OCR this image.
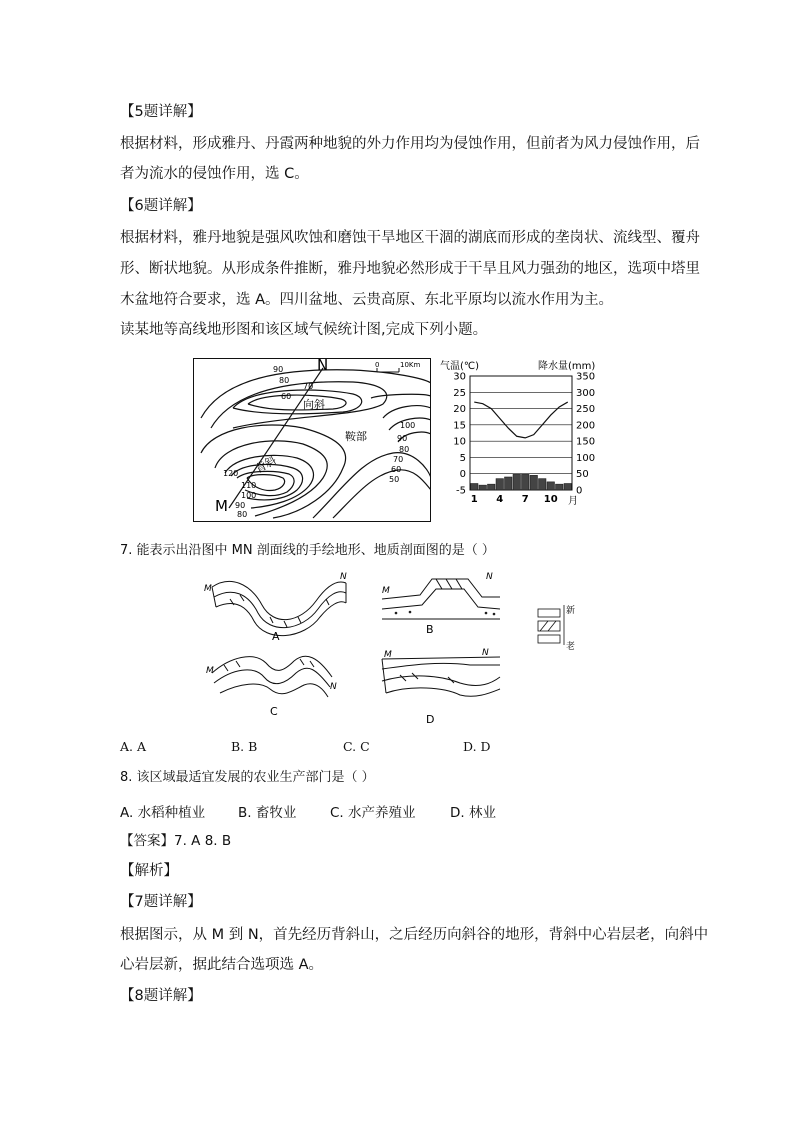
【5题详解】
根据材料，形成雅丹、丹霞两种地貌的外力作用均为侵蚀作用，但前者为风力侵蚀作用，后
者为流水的侵蚀作用，选 C。
【6题详解】
根据材料，雅丹地貌是强风吹蚀和磨蚀干旱地区干涸的湖底而形成的垄岗状、流线型、覆舟
形、断状地貌。从形成条件推断，雅丹地貌必然形成于干旱且风力强劲的地区，选项中塔里
木盆地符合要求，选 A。四川盆地、云贵高原、东北平原均以流水作用为主。
读某地等高线地形图和该区域气候统计图,完成下列小题。
N
M
0	10Km
向斜
背斜
鞍部
90
80
70
60
120
110
100
90
80
100
90
80
70
60
50
气温(℃)	降水量(mm)
30
25
20
15
10
5
0
-5
350
300
250
200
150
100
50
0
1 4 7 10 月
7. 能表示出沿图中 MN 剖面线的手绘地形、地质剖面图的是（ ）
M
N
A
M
N
B
新
老
M
N
C
M	N
D
A. A	B. B	C. C	D. D
8. 该区域最适宜发展的农业生产部门是（ ）
A. 水稻种植业 B. 畜牧业 C. 水产养殖业	D. 林业
【答案】7. A 8. B
【解析】
【7题详解】
根据图示，从 M 到 N，首先经历背斜山，之后经历向斜谷的地形，背斜中心岩层老，向斜中
心岩层新，据此结合选项选 A。
【8题详解】
